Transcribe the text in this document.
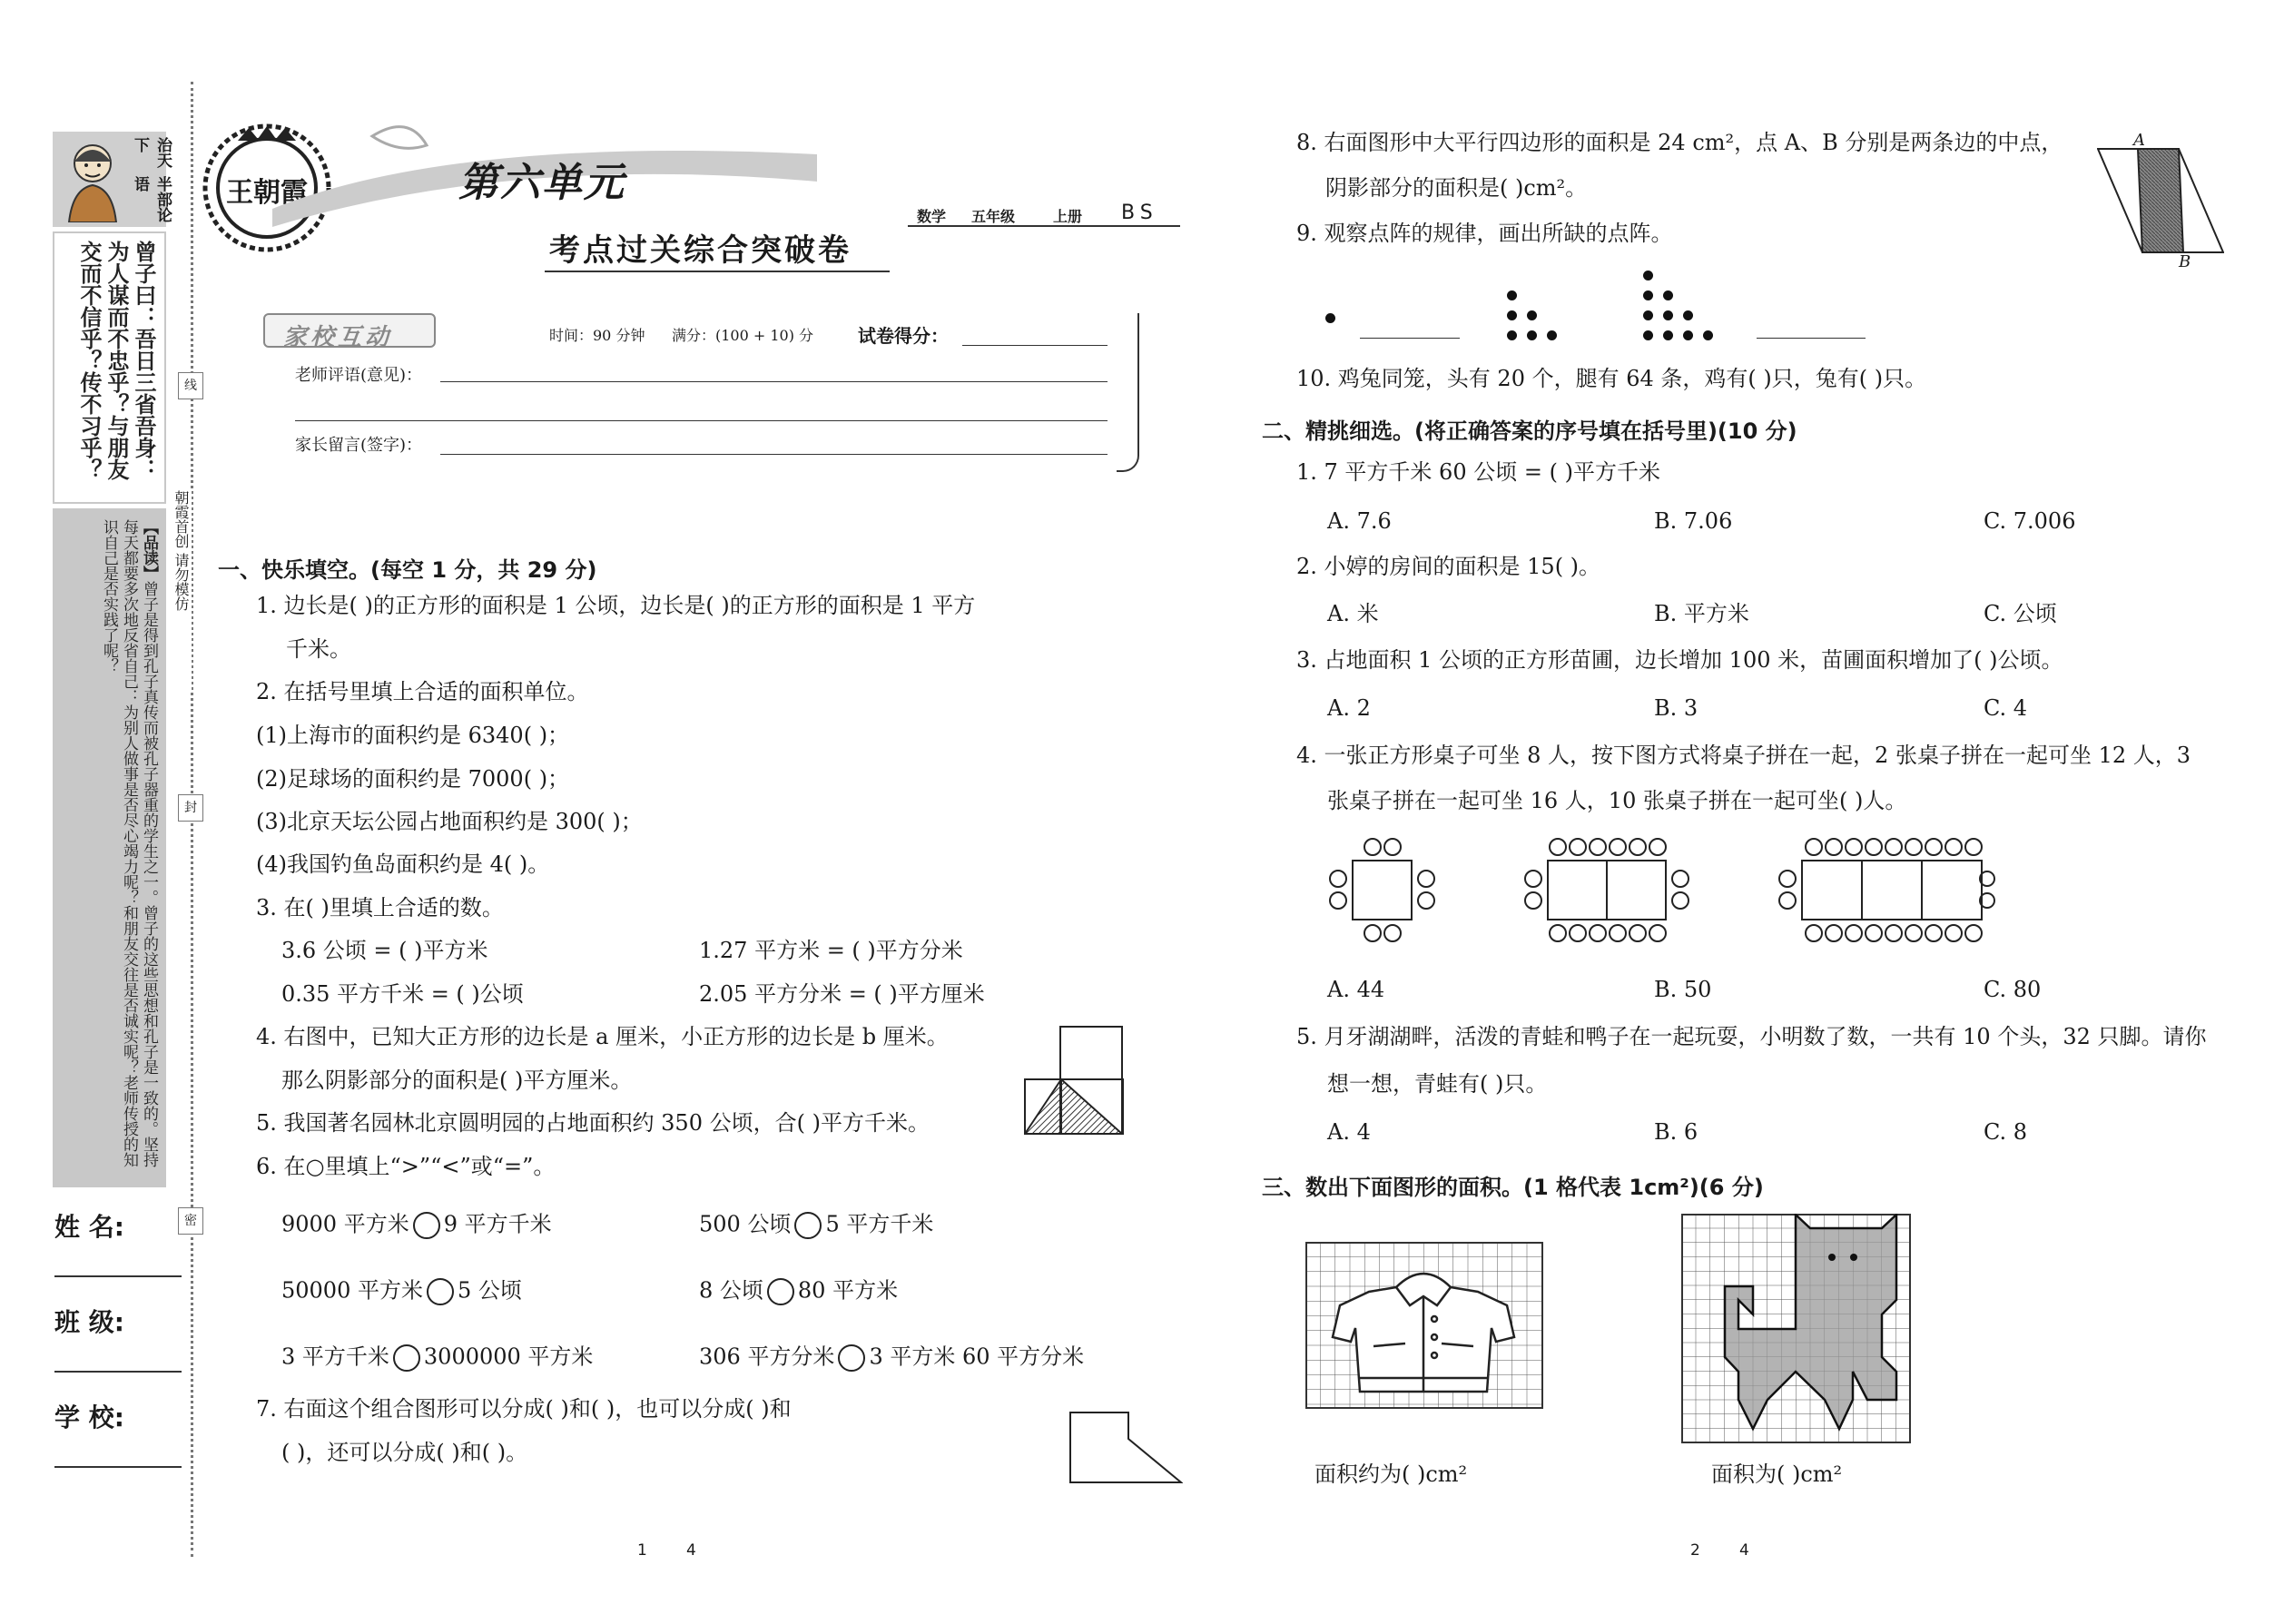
半部论语
治天下
曾子曰：吾日三省吾身：为人谋而不忠乎？与朋友交而不信乎？传不习乎？
【品读】曾子是得到孔子真传而被孔子器重的学生之一。曾子的这些思想和孔子是一致的。坚持每天都要多次地反省自己：为别人做事是否尽心竭力呢？和朋友交往是否诚实呢？老师传授的知识自己是否实践了呢？
姓 名:
班 级:
学 校:
线
封
密
朝霞首创 请勿模仿
王朝霞	第六单元
考点过关综合突破卷
数学 五年级	上册 BS
家校互动	时间：90 分钟 满分：(100 + 10) 分 试卷得分：
老师评语(意见)：
家长留言(签字)：
一、快乐填空。(每空 1 分，共 29 分)
1. 边长是( )的正方形的面积是 1 公顷，边长是( )的正方形的面积是 1 平方
千米。
2. 在括号里填上合适的面积单位。
(1)上海市的面积约是 6340( )；
(2)足球场的面积约是 7000( )；
(3)北京天坛公园占地面积约是 300( )；
(4)我国钓鱼岛面积约是 4( )。
3. 在( )里填上合适的数。
3.6 公顷 = ( )平方米	1.27 平方米 = ( )平方分米
0.35 平方千米 = ( )公顷	2.05 平方分米 = ( )平方厘米
4. 右图中，已知大正方形的边长是 a 厘米，小正方形的边长是 b 厘米。
那么阴影部分的面积是( )平方厘米。
5. 我国著名园林北京圆明园的占地面积约 350 公顷，合( )平方千米。
6. 在○里填上“>”“<”或“=”。
9000 平方米 9 平方千米	500 公顷 5 平方千米
50000 平方米 5 公顷	8 公顷 80 平方米
3 平方千米 3000000 平方米	306 平方分米 3 平方米 60 平方分米
7. 右面这个组合图形可以分成( )和( )，也可以分成( )和
( )，还可以分成( )和( )。
1        4
8. 右面图形中大平行四边形的面积是 24 cm²，点 A、B 分别是两条边的中点，
阴影部分的面积是( )cm²。
A
B
9. 观察点阵的规律，画出所缺的点阵。
10. 鸡兔同笼，头有 20 个，腿有 64 条，鸡有( )只，兔有( )只。
二、精挑细选。(将正确答案的序号填在括号里)(10 分)
1. 7 平方千米 60 公顷 = ( )平方千米
A. 7.6	B. 7.06	C. 7.006
2. 小婷的房间的面积是 15( )。
A. 米	B. 平方米	C. 公顷
3. 占地面积 1 公顷的正方形苗圃，边长增加 100 米，苗圃面积增加了( )公顷。
A. 2	B. 3	C. 4
4. 一张正方形桌子可坐 8 人，按下图方式将桌子拼在一起，2 张桌子拼在一起可坐 12 人，3
张桌子拼在一起可坐 16 人，10 张桌子拼在一起可坐( )人。
A. 44	B. 50	C. 80
5. 月牙湖湖畔，活泼的青蛙和鸭子在一起玩耍，小明数了数，一共有 10 个头，32 只脚。请你
想一想，青蛙有( )只。
A. 4	B. 6	C. 8
三、数出下面图形的面积。(1 格代表 1cm²)(6 分)
面积约为( )cm²	面积为( )cm²
2        4
